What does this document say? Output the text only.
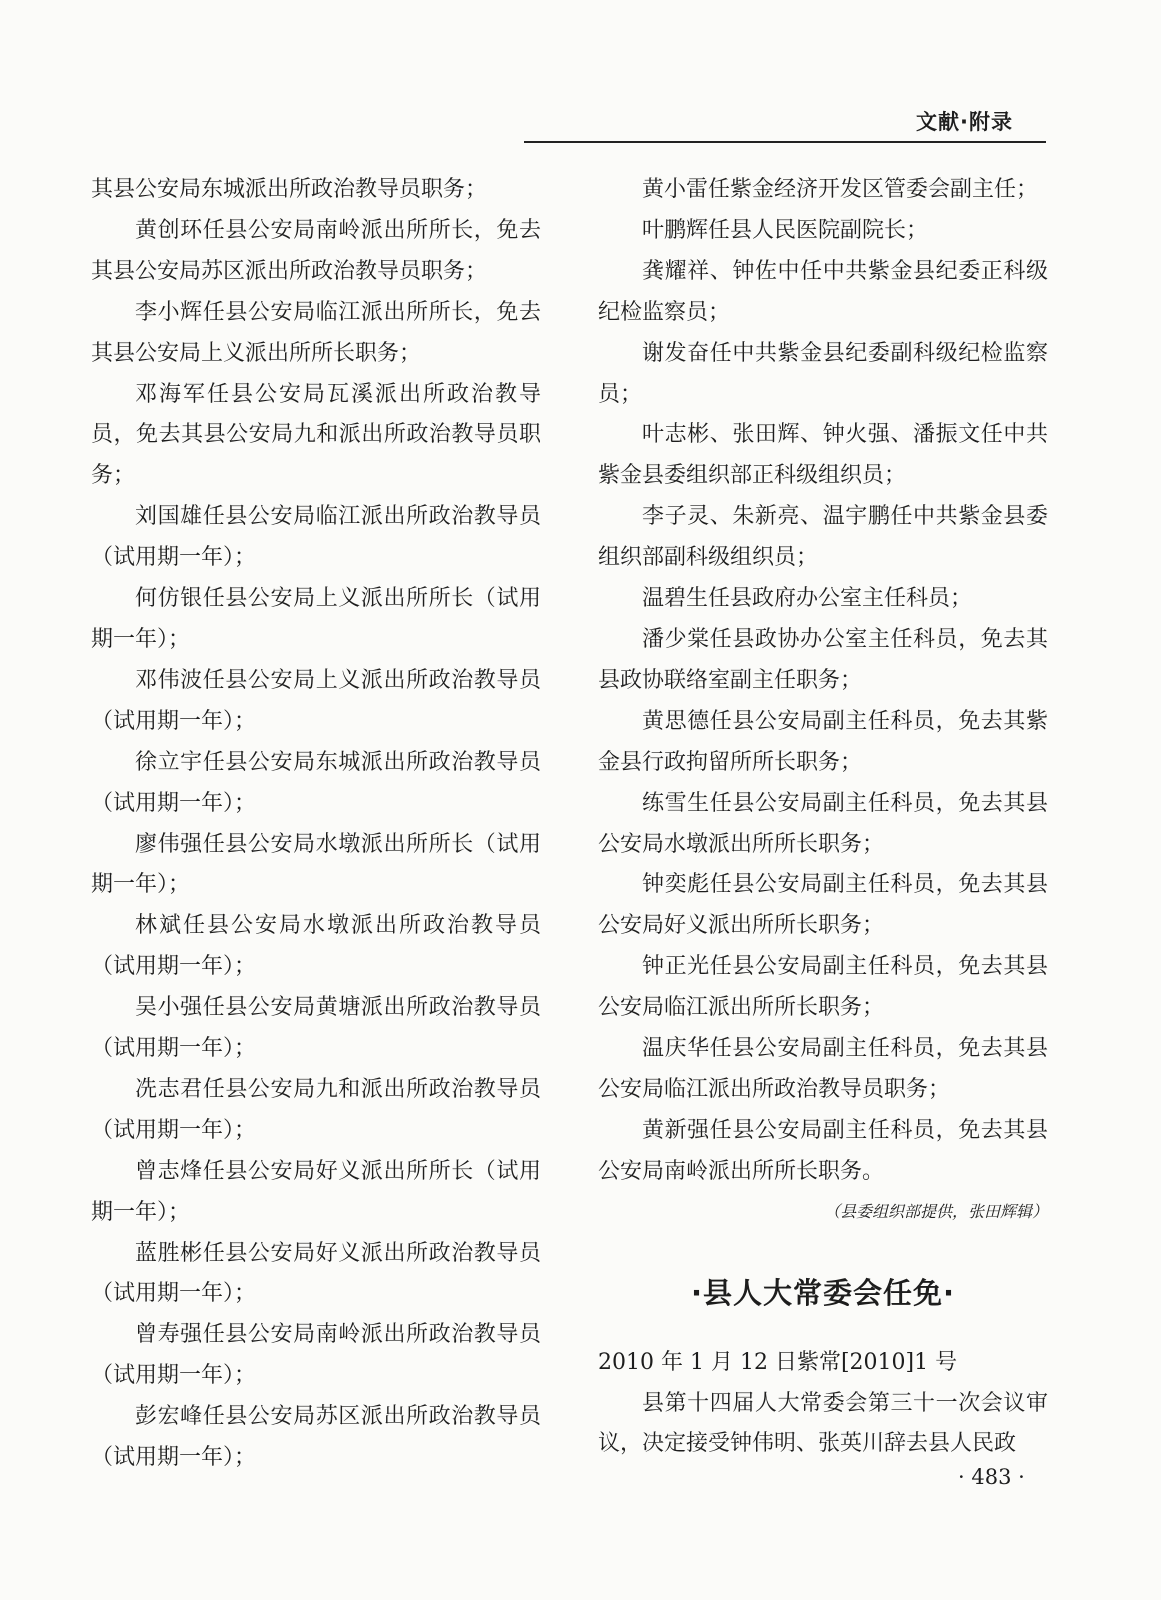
文献·附录

其县公安局东城派出所政治教导员职务；

黄创环任县公安局南岭派出所所长，免去其县公安局苏区派出所政治教导员职务；

李小辉任县公安局临江派出所所长，免去其县公安局上义派出所所长职务；

邓海军任县公安局瓦溪派出所政治教导员，免去其县公安局九和派出所政治教导员职务；

刘国雄任县公安局临江派出所政治教导员（试用期一年）；

何仿银任县公安局上义派出所所长（试用期一年）；

邓伟波任县公安局上义派出所政治教导员（试用期一年）；

徐立宇任县公安局东城派出所政治教导员（试用期一年）；

廖伟强任县公安局水墩派出所所长（试用期一年）；

林斌任县公安局水墩派出所政治教导员（试用期一年）；

吴小强任县公安局黄塘派出所政治教导员（试用期一年）；

冼志君任县公安局九和派出所政治教导员（试用期一年）；

曾志烽任县公安局好义派出所所长（试用期一年）；

蓝胜彬任县公安局好义派出所政治教导员（试用期一年）；

曾寿强任县公安局南岭派出所政治教导员（试用期一年）；

彭宏峰任县公安局苏区派出所政治教导员（试用期一年）；

黄小雷任紫金经济开发区管委会副主任；

叶鹏辉任县人民医院副院长；

龚耀祥、钟佐中任中共紫金县纪委正科级纪检监察员；

谢发奋任中共紫金县纪委副科级纪检监察员；

叶志彬、张田辉、钟火强、潘振文任中共紫金县委组织部正科级组织员；

李子灵、朱新亮、温宇鹏任中共紫金县委组织部副科级组织员；

温碧生任县政府办公室主任科员；

潘少棠任县政协办公室主任科员，免去其县政协联络室副主任职务；

黄思德任县公安局副主任科员，免去其紫金县行政拘留所所长职务；

练雪生任县公安局副主任科员，免去其县公安局水墩派出所所长职务；

钟奕彪任县公安局副主任科员，免去其县公安局好义派出所所长职务；

钟正光任县公安局副主任科员，免去其县公安局临江派出所所长职务；

温庆华任县公安局副主任科员，免去其县公安局临江派出所政治教导员职务；

黄新强任县公安局副主任科员，免去其县公安局南岭派出所所长职务。

（县委组织部提供，张田辉辑）
·县人大常委会任免·

2010 年 1 月 12 日紫常[2010]1 号

县第十四届人大常委会第三十一次会议审议，决定接受钟伟明、张英川辞去县人民政

· 483 ·
